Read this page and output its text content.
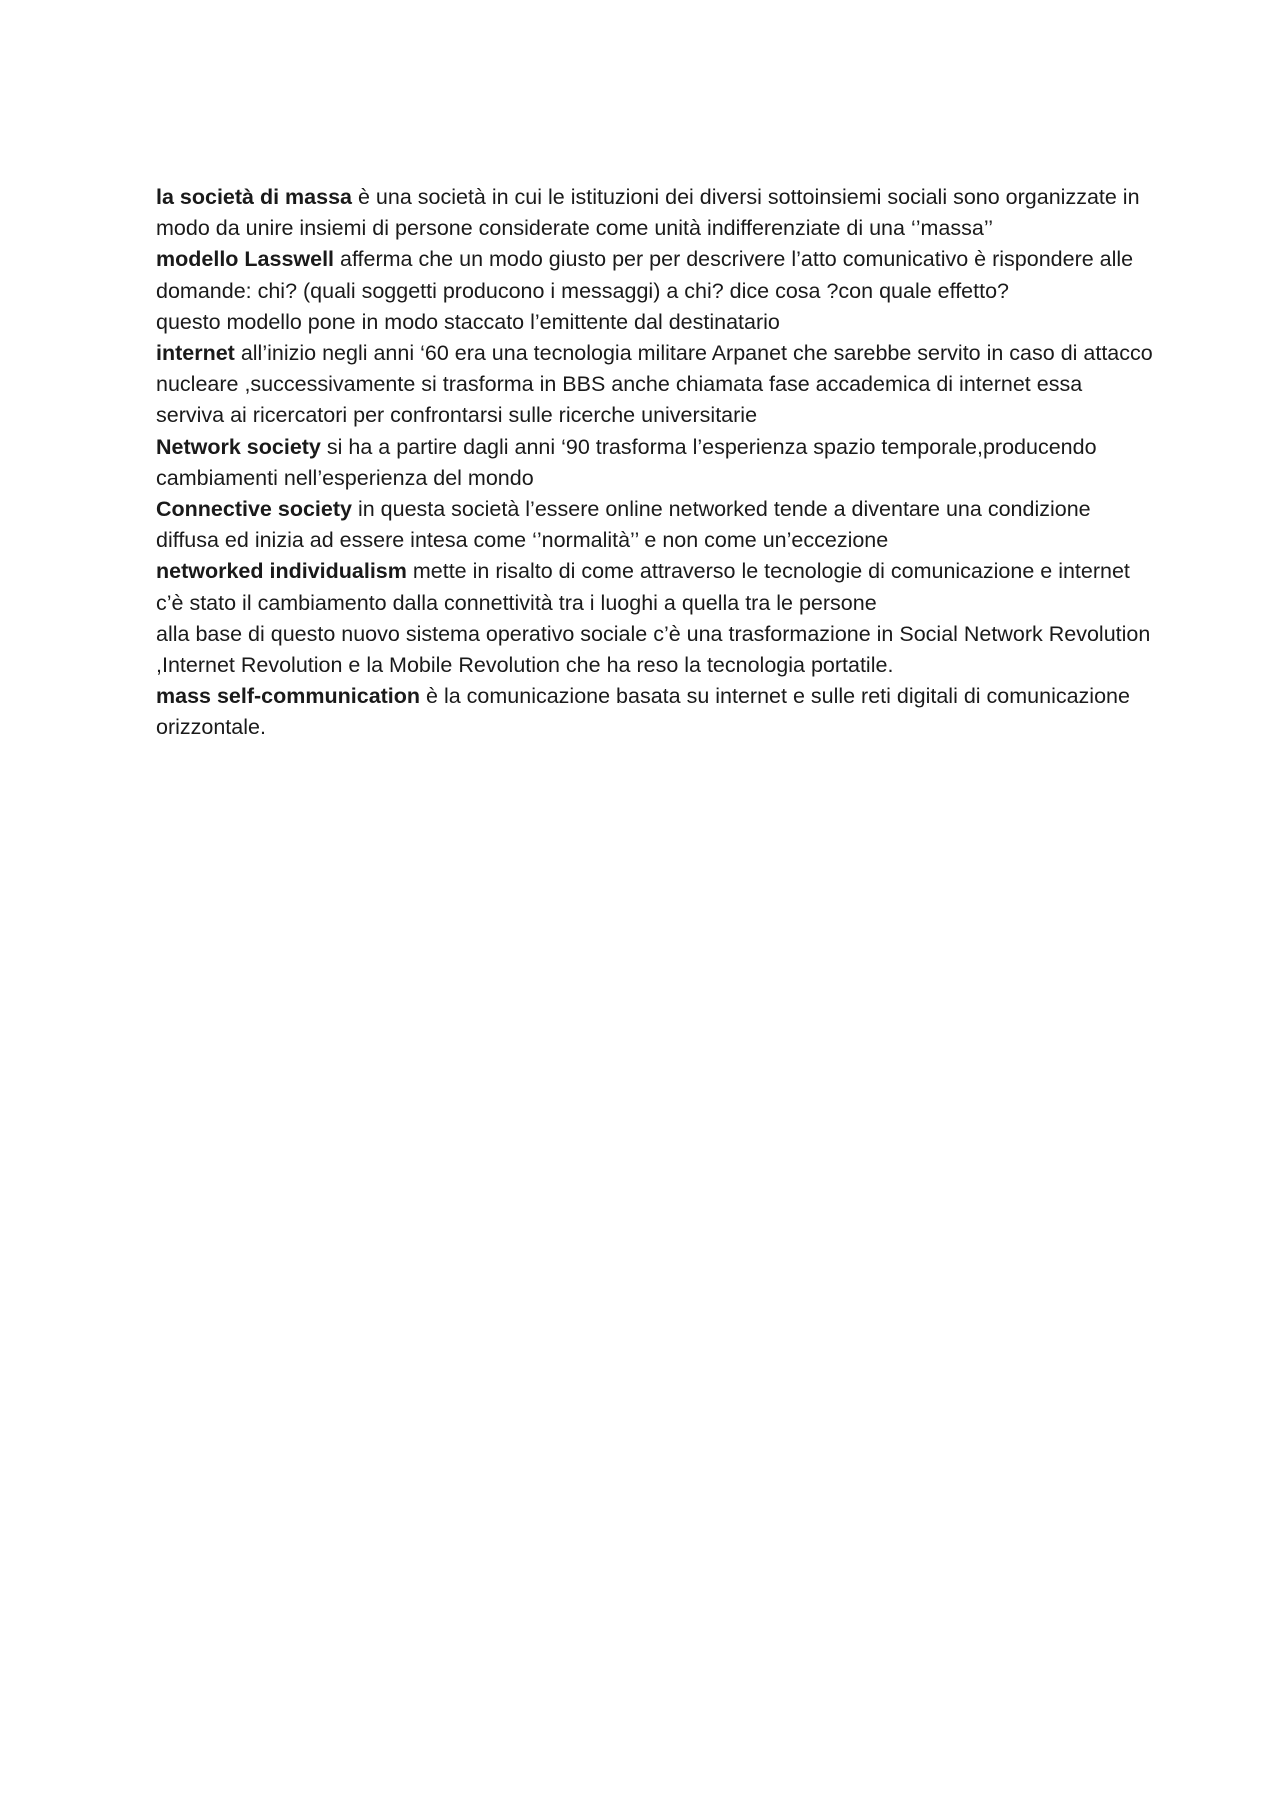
la società di massa è una società in cui le istituzioni dei diversi sottoinsiemi sociali sono organizzate in modo da unire insiemi di persone considerate come unità indifferenziate di una ‘’massa’’

modello Lasswell afferma che un modo giusto per per descrivere l’atto comunicativo è rispondere alle domande: chi? (quali soggetti producono i messaggi) a chi? dice cosa ?con quale effetto?

questo modello pone in modo staccato l’emittente dal destinatario

internet all’inizio negli anni ‘60 era una tecnologia militare Arpanet che sarebbe servito in caso di attacco nucleare ,successivamente si trasforma in BBS anche chiamata fase accademica di internet essa serviva ai ricercatori per confrontarsi sulle ricerche universitarie

Network society si ha a partire dagli anni ‘90 trasforma l’esperienza spazio temporale,producendo cambiamenti nell’esperienza del mondo

Connective society in questa società l’essere online networked tende a diventare una condizione diffusa ed inizia ad essere intesa come ‘’normalità’’ e non come un’eccezione

networked individualism mette in risalto di come attraverso le tecnologie di comunicazione e internet c’è stato il cambiamento dalla connettività tra i luoghi a quella tra le persone

alla base di questo nuovo sistema operativo sociale c’è una trasformazione in Social Network Revolution ,Internet Revolution e la Mobile Revolution che ha reso la tecnologia portatile.

mass self-communication è la comunicazione basata su internet e sulle reti digitali di comunicazione orizzontale.
